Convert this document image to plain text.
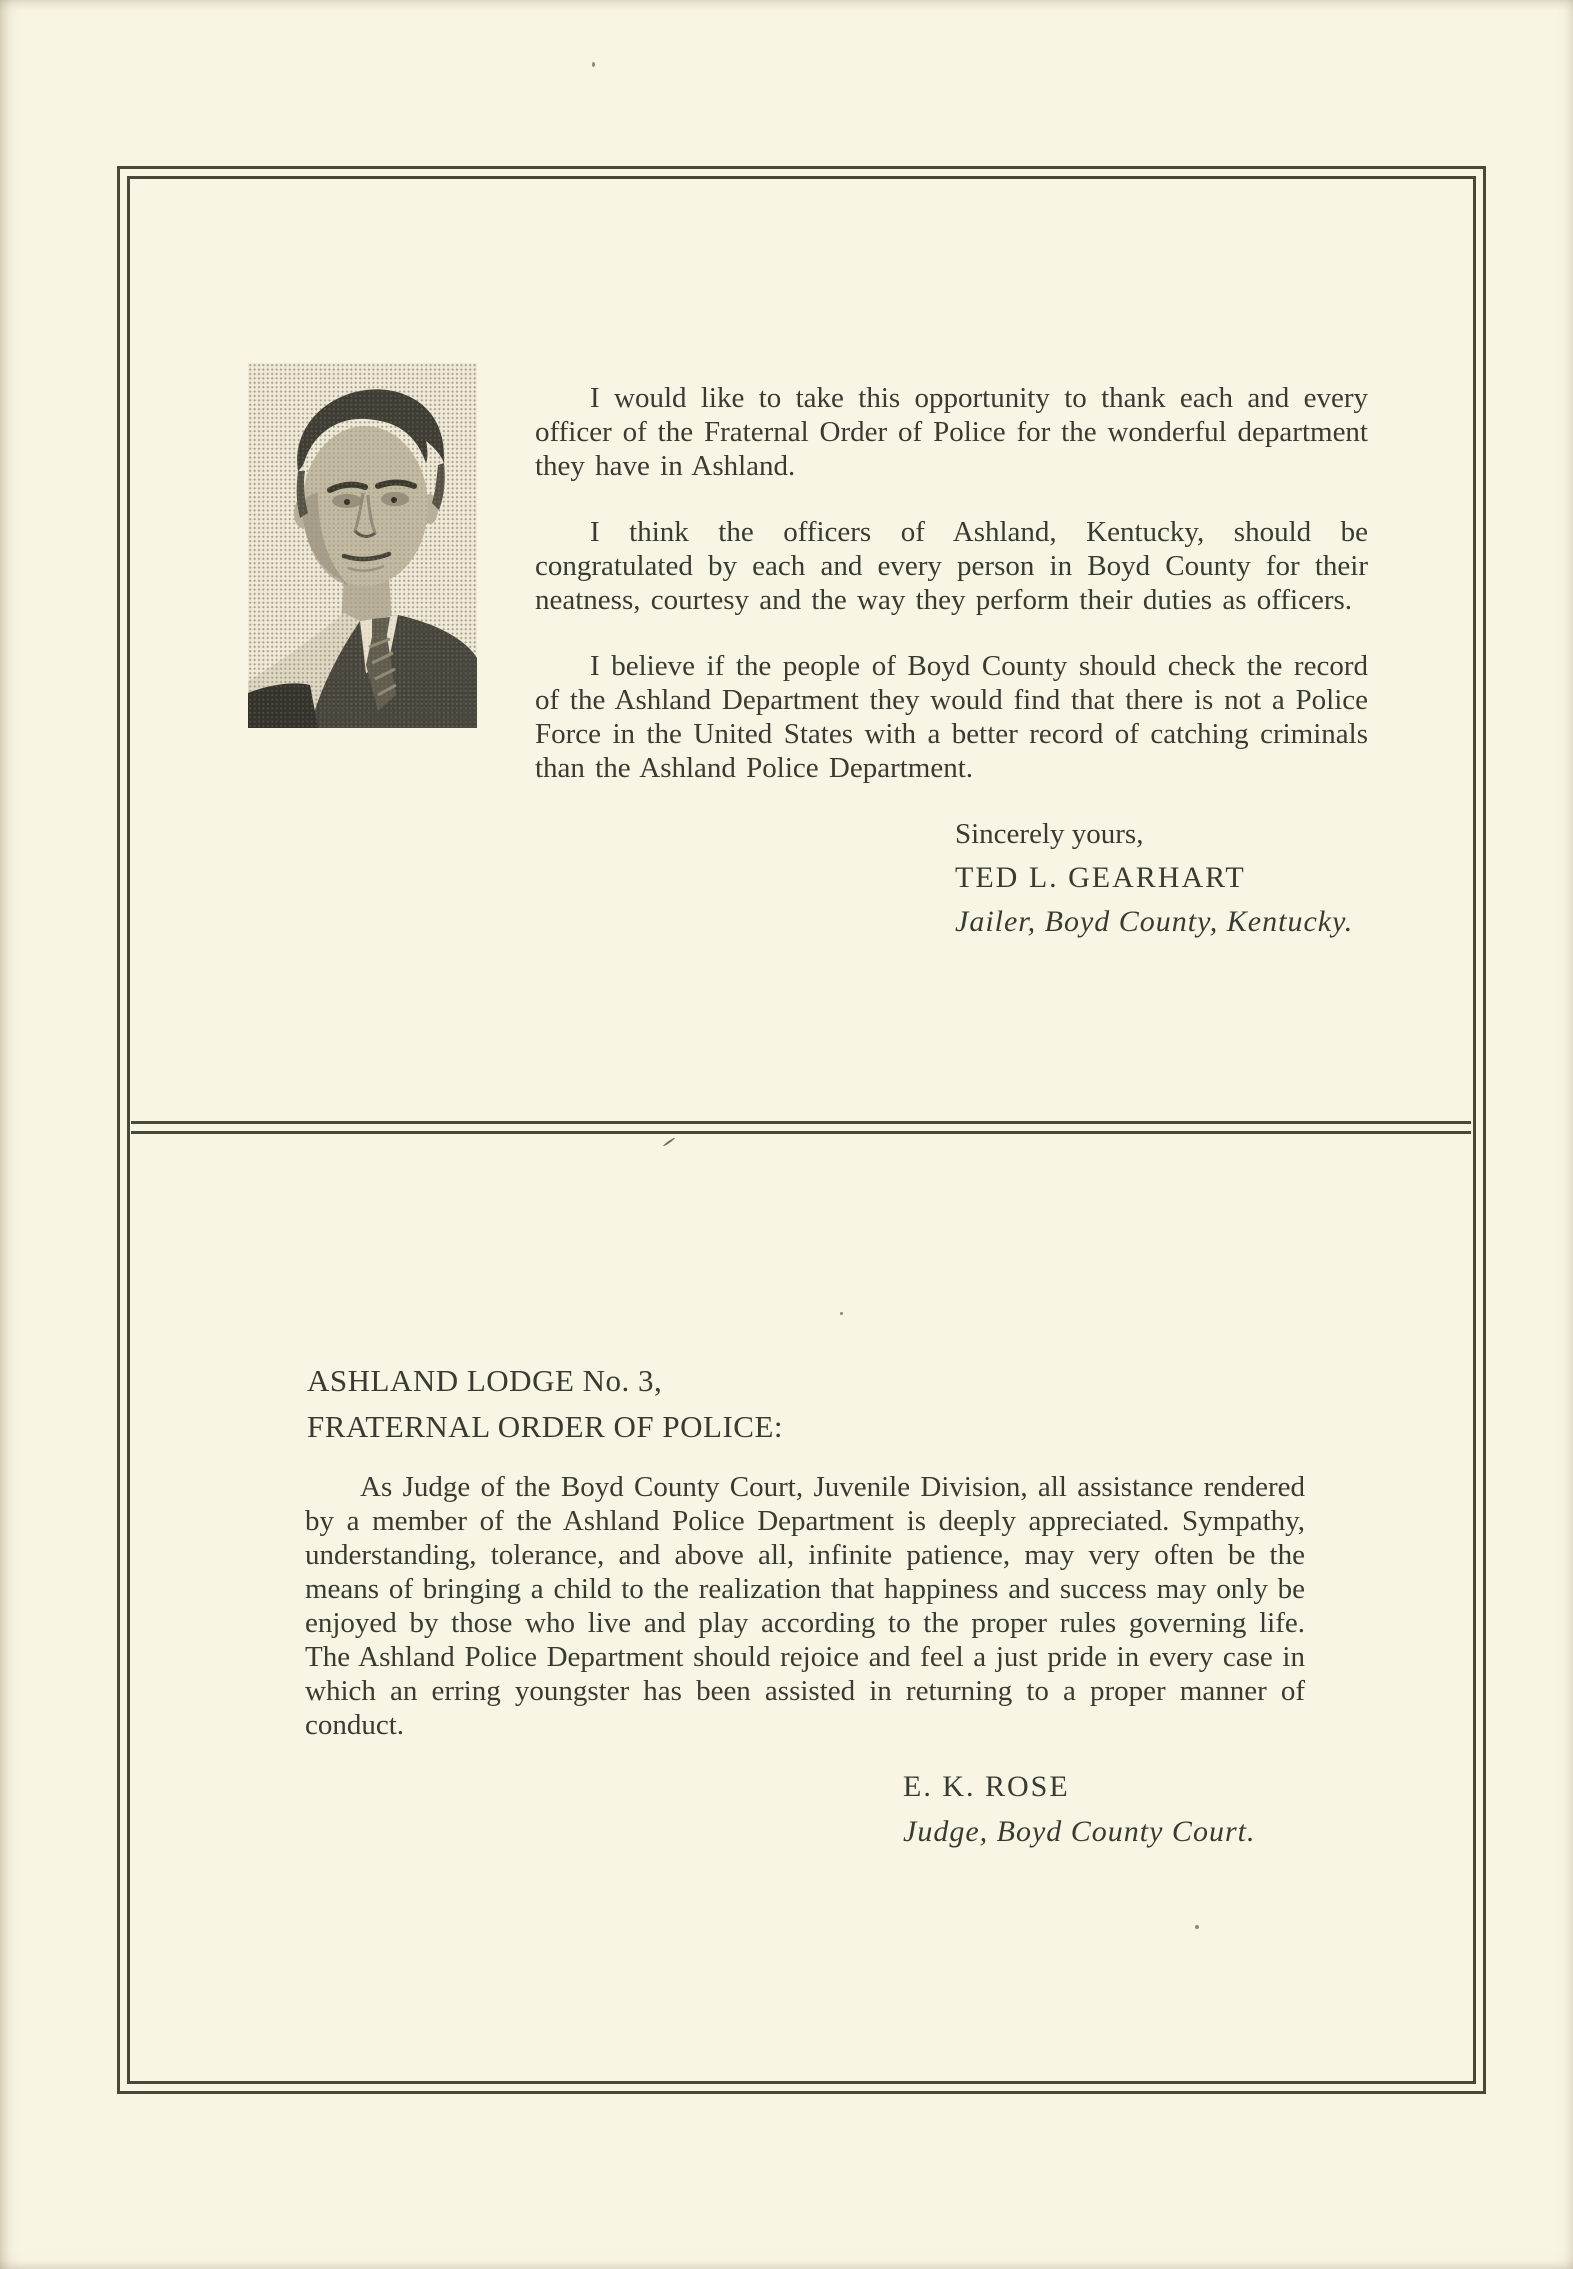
I would like to take this opportunity to thank each and every officer of the Fraternal Order of Police for the wonderful department they have in Ashland.

I think the officers of Ashland, Kentucky, should be congratulated by each and every person in Boyd County for their neatness, courtesy and the way they perform their duties as officers.

I believe if the people of Boyd County should check the record of the Ashland Department they would find that there is not a Police Force in the United States with a better record of catching criminals than the Ashland Police Department.

Sincerely yours,
TED L. GEARHART
Jailer, Boyd County, Kentucky.
ASHLAND LODGE No. 3,
FRATERNAL ORDER OF POLICE:

As Judge of the Boyd County Court, Juvenile Division, all assistance rendered by a member of the Ashland Police Department is deeply appreciated. Sympathy, understanding, tolerance, and above all, infinite patience, may very often be the means of bringing a child to the realization that happiness and success may only be enjoyed by those who live and play according to the proper rules governing life. The Ashland Police Department should rejoice and feel a just pride in every case in which an erring youngster has been assisted in returning to a proper manner of conduct.

E. K. ROSE
Judge, Boyd County Court.
